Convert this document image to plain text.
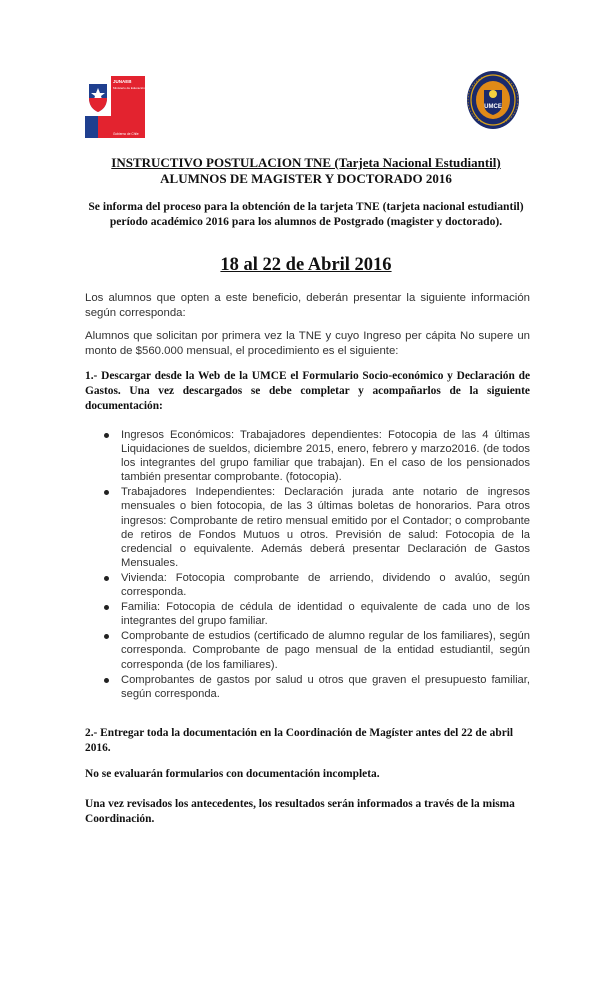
JUNAEB
Ministerio de Educación
Gobierno de Chile
UMCE
INSTRUCTIVO POSTULACION TNE (Tarjeta Nacional Estudiantil)
ALUMNOS DE MAGISTER Y DOCTORADO 2016
Se informa del proceso para la obtención de la tarjeta TNE (tarjeta nacional estudiantil) período académico 2016 para los alumnos de Postgrado (magister y doctorado).
18 al 22 de Abril 2016
Los alumnos que opten a este beneficio, deberán presentar la siguiente información según corresponda:
Alumnos que solicitan por primera vez la TNE y cuyo Ingreso per cápita No supere un monto de $560.000 mensual, el procedimiento es el siguiente:
1.- Descargar desde la Web de la UMCE el Formulario Socio-económico y Declaración de Gastos. Una vez descargados se debe completar y acompañarlos de la siguiente documentación:
Ingresos Económicos: Trabajadores dependientes: Fotocopia de las 4 últimas Liquidaciones de sueldos, diciembre 2015, enero, febrero y marzo2016. (de todos los integrantes del grupo familiar que trabajan). En el caso de los pensionados también presentar comprobante. (fotocopia).
Trabajadores Independientes: Declaración jurada ante notario de ingresos mensuales o bien fotocopia, de las 3 últimas boletas de honorarios. Para otros ingresos: Comprobante de retiro mensual emitido por el Contador; o comprobante de retiros de Fondos Mutuos u otros. Previsión de salud: Fotocopia de la credencial o equivalente. Además deberá presentar Declaración de Gastos Mensuales.
Vivienda: Fotocopia comprobante de arriendo, dividendo o avalúo, según corresponda.
Familia: Fotocopia de cédula de identidad o equivalente de cada uno de los integrantes del grupo familiar.
Comprobante de estudios (certificado de alumno regular de los familiares), según corresponda. Comprobante de pago mensual de la entidad estudiantil, según corresponda (de los familiares).
Comprobantes de gastos por salud u otros que graven el presupuesto familiar, según corresponda.
2.- Entregar toda la documentación en la Coordinación de Magíster antes del 22 de abril 2016.
No se evaluarán formularios con documentación incompleta.
Una vez revisados los antecedentes, los resultados serán informados a través de la misma Coordinación.
